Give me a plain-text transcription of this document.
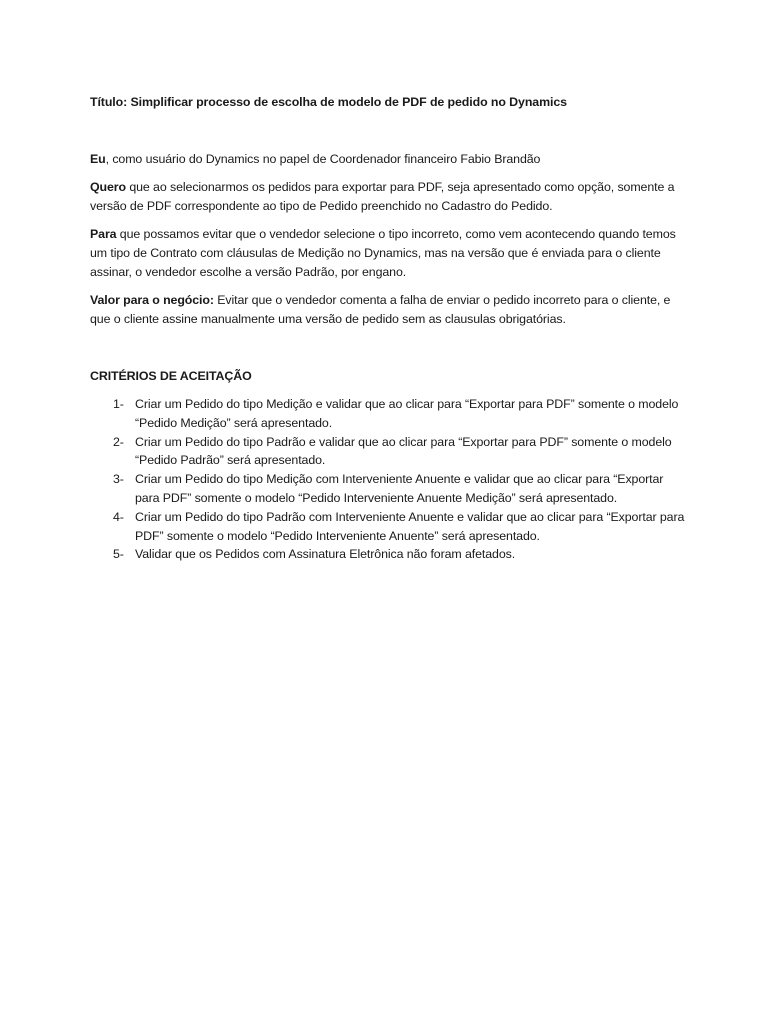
Título: Simplificar processo de escolha de modelo de PDF de pedido no Dynamics

Eu, como usuário do Dynamics no papel de Coordenador financeiro Fabio Brandão

Quero que ao selecionarmos os pedidos para exportar para PDF, seja apresentado como opção, somente a versão de PDF correspondente ao tipo de Pedido preenchido no Cadastro do Pedido.

Para que possamos evitar que o vendedor selecione o tipo incorreto, como vem acontecendo quando temos um tipo de Contrato com cláusulas de Medição no Dynamics, mas na versão que é enviada para o cliente assinar, o vendedor escolhe a versão Padrão, por engano.

Valor para o negócio: Evitar que o vendedor comenta a falha de enviar o pedido incorreto para o cliente, e que o cliente assine manualmente uma versão de pedido sem as clausulas obrigatórias.

CRITÉRIOS DE ACEITAÇÃO

1- Criar um Pedido do tipo Medição e validar que ao clicar para “Exportar para PDF” somente o modelo “Pedido Medição” será apresentado.
2- Criar um Pedido do tipo Padrão e validar que ao clicar para “Exportar para PDF” somente o modelo “Pedido Padrão” será apresentado.
3- Criar um Pedido do tipo Medição com Interveniente Anuente e validar que ao clicar para “Exportar para PDF” somente o modelo “Pedido Interveniente Anuente Medição” será apresentado.
4- Criar um Pedido do tipo Padrão com Interveniente Anuente e validar que ao clicar para “Exportar para PDF” somente o modelo “Pedido Interveniente Anuente” será apresentado.
5- Validar que os Pedidos com Assinatura Eletrônica não foram afetados.
